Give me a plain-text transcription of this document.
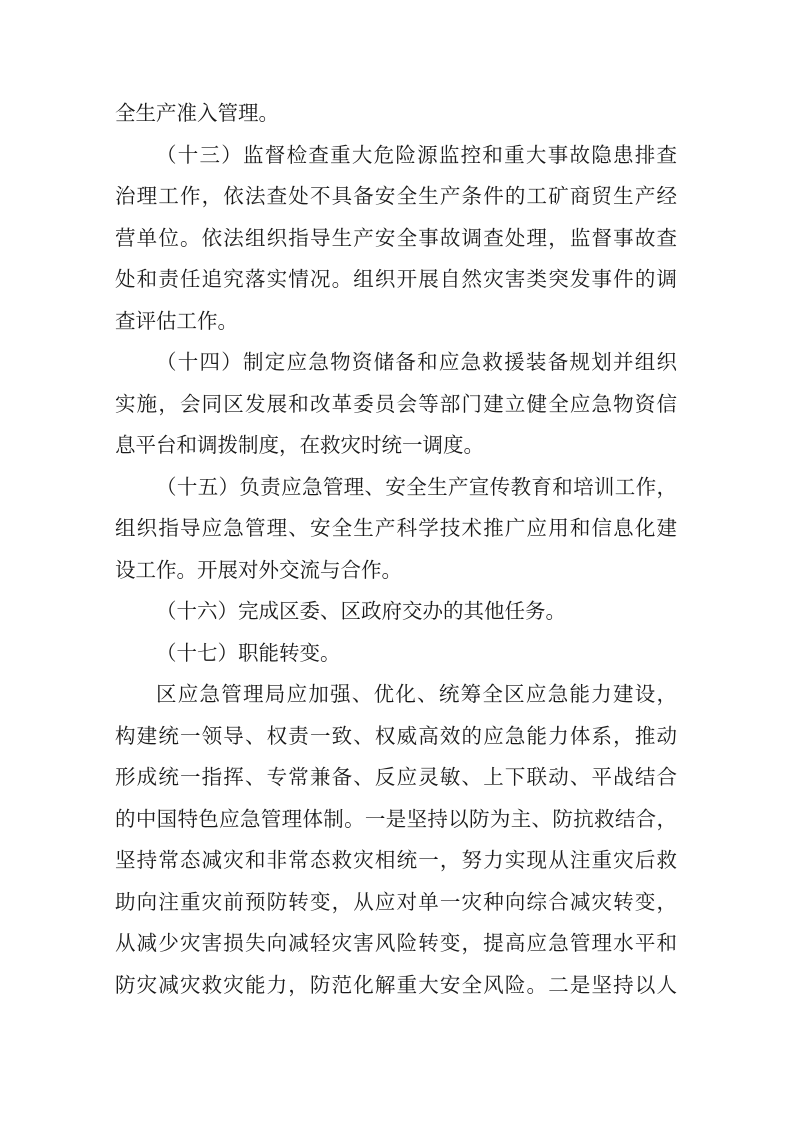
全生产准入管理。
（十三）监督检查重大危险源监控和重大事故隐患排查
治理工作，依法查处不具备安全生产条件的工矿商贸生产经
营单位。依法组织指导生产安全事故调查处理，监督事故查
处和责任追究落实情况。组织开展自然灾害类突发事件的调
查评估工作。
（十四）制定应急物资储备和应急救援装备规划并组织
实施，会同区发展和改革委员会等部门建立健全应急物资信
息平台和调拨制度，在救灾时统一调度。
（十五）负责应急管理、安全生产宣传教育和培训工作，
组织指导应急管理、安全生产科学技术推广应用和信息化建
设工作。开展对外交流与合作。
（十六）完成区委、区政府交办的其他任务。
（十七）职能转变。
区应急管理局应加强、优化、统筹全区应急能力建设，
构建统一领导、权责一致、权威高效的应急能力体系，推动
形成统一指挥、专常兼备、反应灵敏、上下联动、平战结合
的中国特色应急管理体制。一是坚持以防为主、防抗救结合，
坚持常态减灾和非常态救灾相统一，努力实现从注重灾后救
助向注重灾前预防转变，从应对单一灾种向综合减灾转变，
从减少灾害损失向减轻灾害风险转变，提高应急管理水平和
防灾减灾救灾能力，防范化解重大安全风险。二是坚持以人
